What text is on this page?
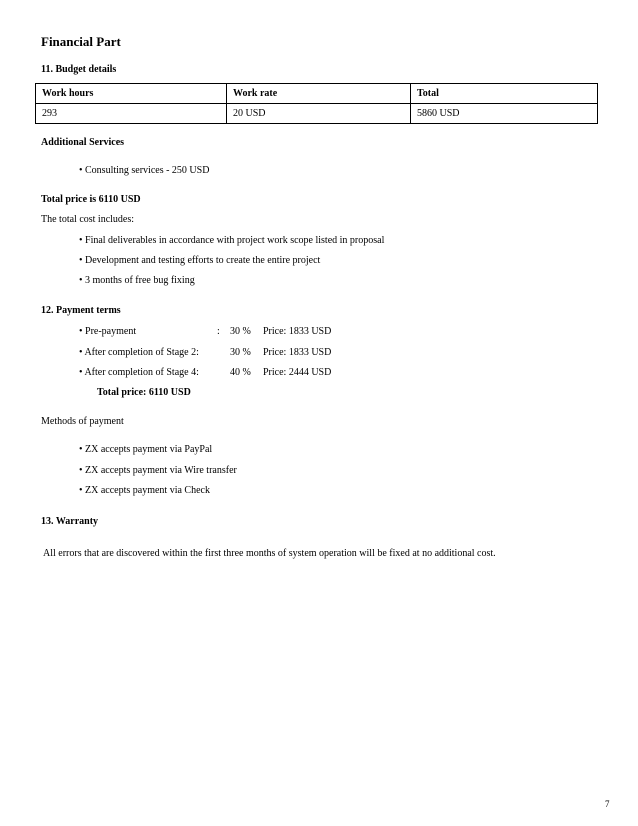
Financial Part
11. Budget details
Work hours	Work rate	Total
293	20 USD	5860 USD
Additional Services
• Consulting services - 250 USD
Total price is 6110 USD
The total cost includes:
• Final deliverables in accordance with project work scope listed in proposal
• Development and testing efforts to create the entire project
• 3 months of free bug fixing
12. Payment terms
• Pre-payment	: 30 % Price: 1833 USD
• After completion of Stage 2:	30 % Price: 1833 USD
• After completion of Stage 4:	40 % Price: 2444 USD
Total price: 6110 USD
Methods of payment
• ZX accepts payment via PayPal
• ZX accepts payment via Wire transfer
• ZX accepts payment via Check
13. Warranty
All errors that are discovered within the first three months of system operation will be fixed at no additional cost.
7
